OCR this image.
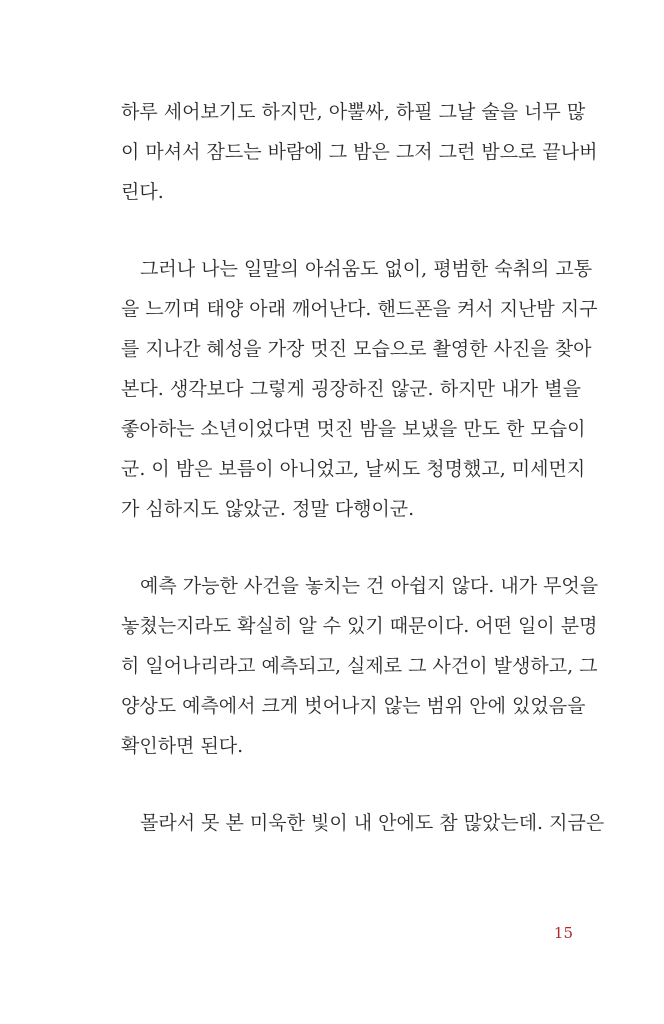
하루 세어보기도 하지만, 아뿔싸, 하필 그날 술을 너무 많
이 마셔서 잠드는 바람에 그 밤은 그저 그런 밤으로 끝나버
린다.
그러나 나는 일말의 아쉬움도 없이, 평범한 숙취의 고통
을 느끼며 태양 아래 깨어난다. 핸드폰을 켜서 지난밤 지구
를 지나간 혜성을 가장 멋진 모습으로 촬영한 사진을 찾아
본다. 생각보다 그렇게 굉장하진 않군. 하지만 내가 별을
좋아하는 소년이었다면 멋진 밤을 보냈을 만도 한 모습이
군. 이 밤은 보름이 아니었고, 날씨도 청명했고, 미세먼지
가 심하지도 않았군. 정말 다행이군.
예측 가능한 사건을 놓치는 건 아쉽지 않다. 내가 무엇을
놓쳤는지라도 확실히 알 수 있기 때문이다. 어떤 일이 분명
히 일어나리라고 예측되고, 실제로 그 사건이 발생하고, 그
양상도 예측에서 크게 벗어나지 않는 범위 안에 있었음을
확인하면 된다.
몰라서 못 본 미욱한 빛이 내 안에도 참 많았는데. 지금은
15
